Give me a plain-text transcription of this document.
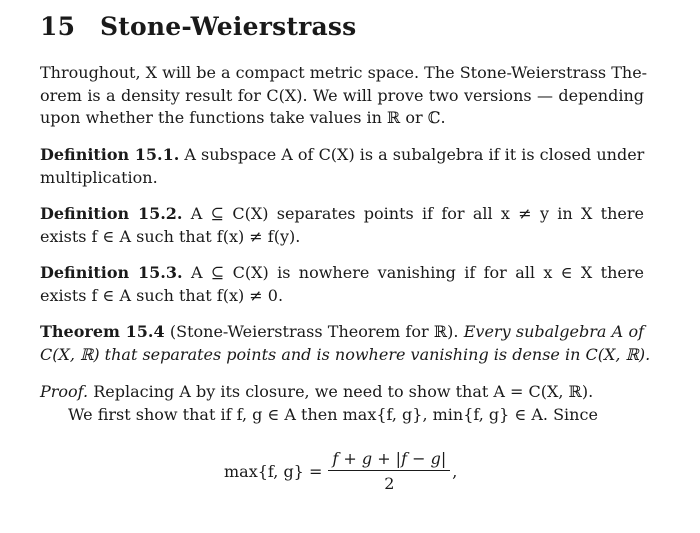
15 Stone-Weierstrass
Throughout, X will be a compact metric space. The Stone-Weierstrass The-
orem is a density result for C(X). We will prove two versions — depending
upon whether the functions take values in ℝ or ℂ.
Definition 15.1. A subspace A of C(X) is a subalgebra if it is closed under
multiplication.
Definition 15.2. A ⊆ C(X) separates points if for all x ≠ y in X there
exists f ∈ A such that f(x) ≠ f(y).
Definition 15.3. A ⊆ C(X) is nowhere vanishing if for all x ∈ X there
exists f ∈ A such that f(x) ≠ 0.
Theorem 15.4 (Stone-Weierstrass Theorem for ℝ). Every subalgebra A of
C(X, ℝ) that separates points and is nowhere vanishing is dense in C(X, ℝ).
Proof. Replacing A by its closure, we need to show that A = C(X, ℝ).
We first show that if f, g ∈ A then max{f, g}, min{f, g} ∈ A. Since
max{f, $g\} = \frac{f + g + |f - g|}{2}$ ,
